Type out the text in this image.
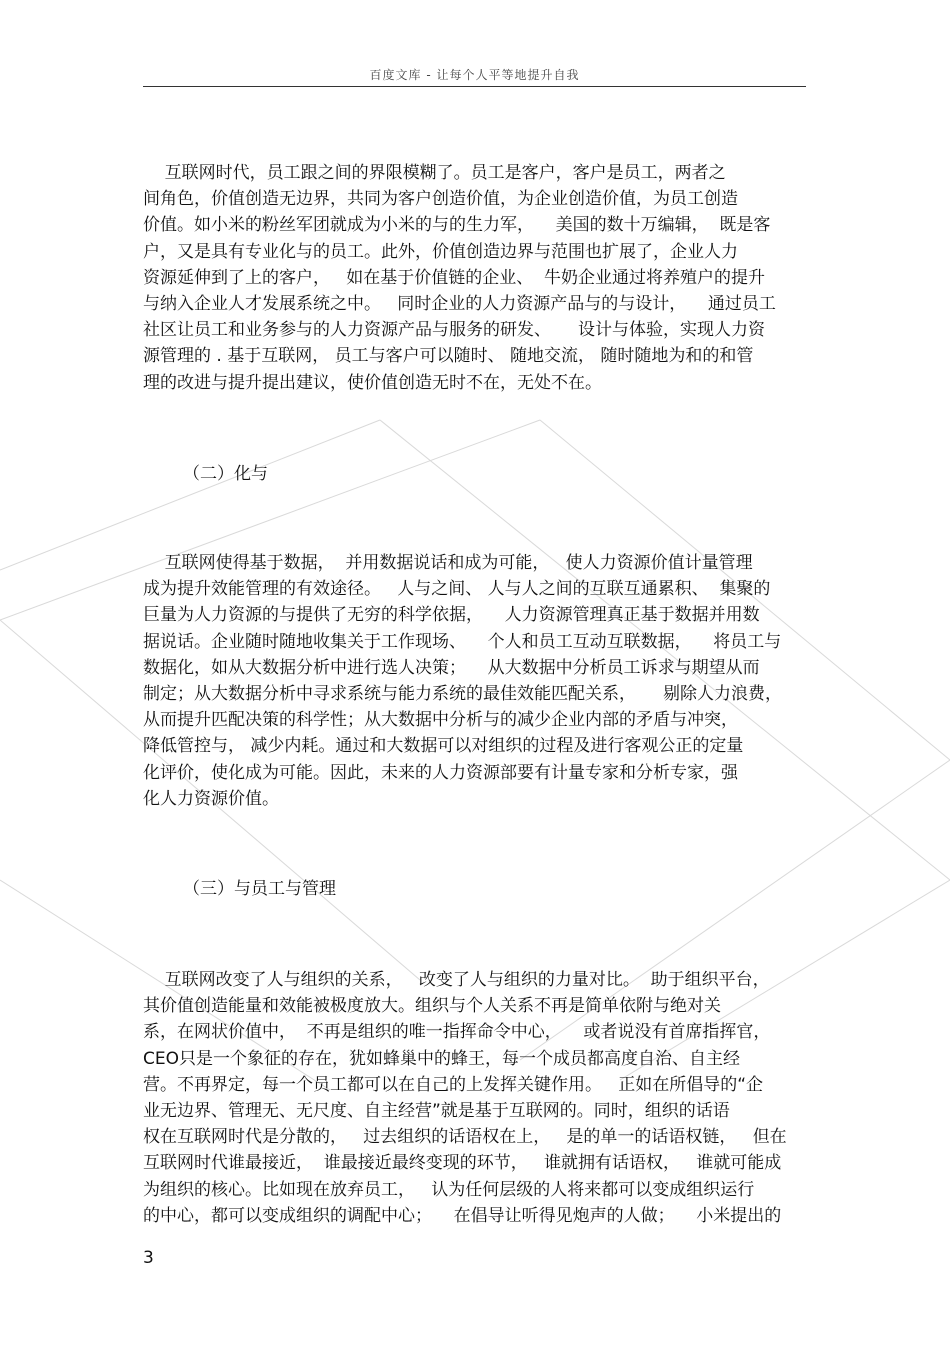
百度文库 - 让每个人平等地提升自我
互联网时代，员工跟之间的界限模糊了。员工是客户，客户是员工，两者之
间角色，价值创造无边界，共同为客户创造价值，为企业创造价值，为员工创造
价值。如小米的粉丝军团就成为小米的与的生力军，    美国的数十万编辑，  既是客
户，又是具有专业化与的员工。此外，价值创造边界与范围也扩展了，企业人力
资源延伸到了上的客户，   如在基于价值链的企业、  牛奶企业通过将养殖户的提升
与纳入企业人才发展系统之中。   同时企业的人力资源产品与的与设计，    通过员工
社区让员工和业务参与的人力资源产品与服务的研发、     设计与体验，实现人力资
源管理的 . 基于互联网， 员工与客户可以随时、 随地交流， 随时随地为和的和管
理的改进与提升提出建议，使价值创造无时不在，无处不在。
（二）化与
互联网使得基于数据，  并用数据说话和成为可能，   使人力资源价值计量管理
成为提升效能管理的有效途径。   人与之间、 人与人之间的互联互通累积、  集聚的
巨量为人力资源的与提供了无穷的科学依据，    人力资源管理真正基于数据并用数
据说话。企业随时随地收集关于工作现场、    个人和员工互动互联数据，    将员工与
数据化，如从大数据分析中进行选人决策；    从大数据中分析员工诉求与期望从而
制定；从大数据分析中寻求系统与能力系统的最佳效能匹配关系，     剔除人力浪费，
从而提升匹配决策的科学性；从大数据中分析与的减少企业内部的矛盾与冲突，
降低管控与， 减少内耗。通过和大数据可以对组织的过程及进行客观公正的定量
化评价，使化成为可能。因此，未来的人力资源部要有计量专家和分析专家，强
化人力资源价值。
（三）与员工与管理
互联网改变了人与组织的关系，   改变了人与组织的力量对比。  助于组织平台，
其价值创造能量和效能被极度放大。组织与个人关系不再是简单依附与绝对关
系，在网状价值中，  不再是组织的唯一指挥命令中心，    或者说没有首席指挥官，
CEO只是一个象征的存在，犹如蜂巢中的蜂王，每一个成员都高度自治、自主经
营。不再界定，每一个员工都可以在自己的上发挥关键作用。   正如在所倡导的“企
业无边界、管理无、无尺度、自主经营”就是基于互联网的。同时，组织的话语
权在互联网时代是分散的，   过去组织的话语权在上，   是的单一的话语权链，   但在
互联网时代谁最接近，  谁最接近最终变现的环节，   谁就拥有话语权，   谁就可能成
为组织的核心。比如现在放弃员工，   认为任何层级的人将来都可以变成组织运行
的中心，都可以变成组织的调配中心；    在倡导让听得见炮声的人做；    小米提出的
3
